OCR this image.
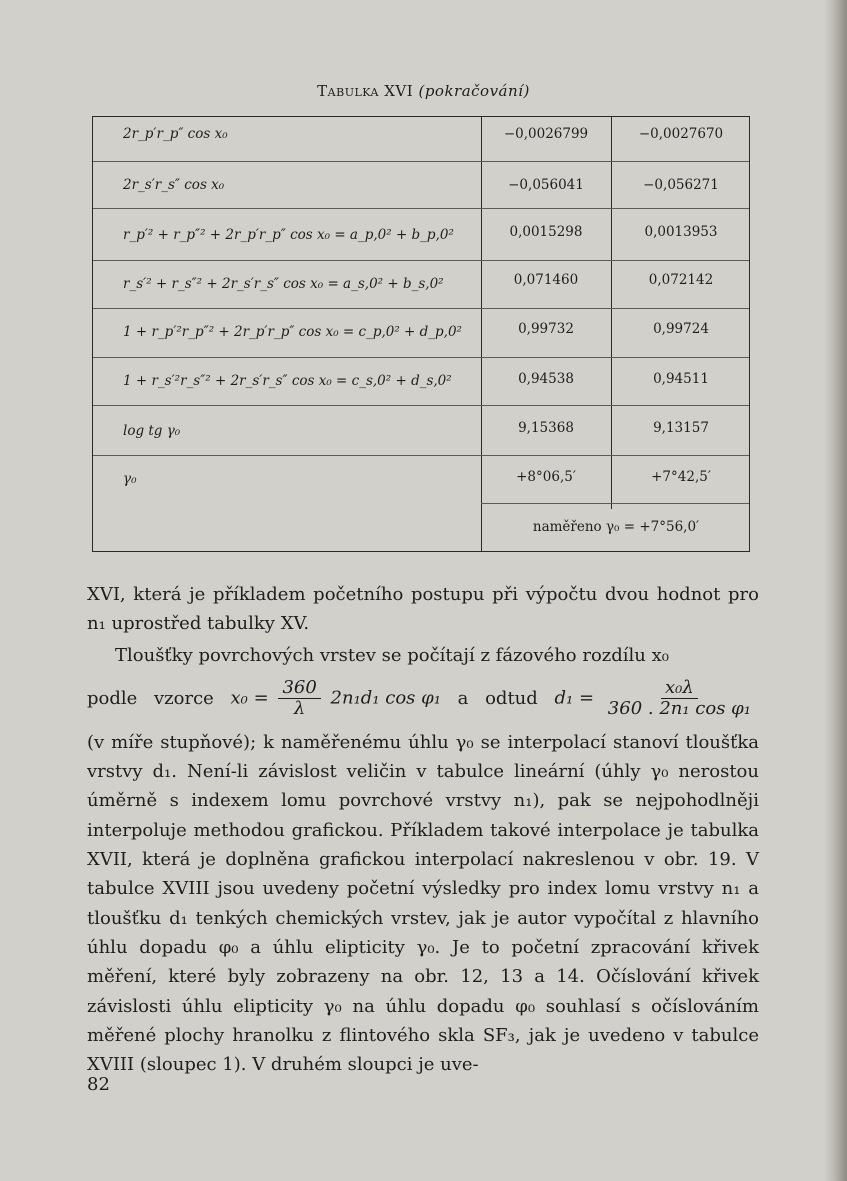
Tabulka XVI (pokračování)
2r_p′r_p″ cos x₀	−0,0026799	−0,0027670
2r_s′r_s″ cos x₀	−0,056041	−0,056271
r_p′² + r_p″² + 2r_p′r_p″ cos x₀ = a_p,0² + b_p,0²	0,0015298	0,0013953
r_s′² + r_s″² + 2r_s′r_s″ cos x₀ = a_s,0² + b_s,0²	0,071460	0,072142
1 + r_p′²r_p″² + 2r_p′r_p″ cos x₀ = c_p,0² + d_p,0²	0,99732	0,99724
1 + r_s′²r_s″² + 2r_s′r_s″ cos x₀ = c_s,0² + d_s,0²	0,94538	0,94511
log tg γ₀	9,15368	9,13157
γ₀	+8°06,5′	+7°42,5′
naměřeno γ₀ = +7°56,0′

XVI, která je příkladem početního postupu při výpočtu dvou hodnot pro n₁ uprostřed tabulky XV.

Tloušťky povrchových vrstev se počítají z fázového rozdílu x₀

podle vzorce $x_0 = \frac{360}{\lambda} 2n_1d_1$ cos φ₁ a odtud $d_1 = \frac{\text{x₀λ}}{\text{360 . 2n₁ cos φ₁}}$

(v míře stupňové); k naměřenému úhlu γ₀ se interpolací stanoví tloušťka vrstvy d₁. Není-li závislost veličin v tabulce lineární (úhly γ₀ nerostou úměrně s indexem lomu povrchové vrstvy n₁), pak se nejpohodlněji interpoluje methodou grafickou. Příkladem takové interpolace je tabulka XVII, která je doplněna grafickou interpolací nakreslenou v obr. 19. V tabulce XVIII jsou uvedeny početní výsledky pro index lomu vrstvy n₁ a tloušťku d₁ tenkých chemických vrstev, jak je autor vypočítal z hlavního úhlu dopadu φ₀ a úhlu elipticity γ₀. Je to početní zpracování křivek měření, které byly zobrazeny na obr. 12, 13 a 14. Očíslování křivek závislosti úhlu elipticity γ₀ na úhlu dopadu φ₀ souhlasí s očíslováním měřené plochy hranolku z flintového skla SF₃, jak je uvedeno v tabulce XVIII (sloupec 1). V druhém sloupci je uve-

82
